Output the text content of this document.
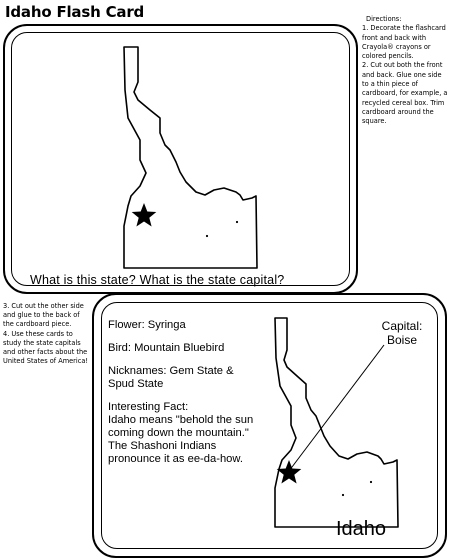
Idaho Flash Card	Directions:
1. Decorate the flashcard front and back with Crayola® crayons or colored pencils.
2. Cut out both the front and back. Glue one side to a thin piece of cardboard, for example, a recycled cereal box. Trim cardboard around the square.
3. Cut out the other side and glue to the back of the cardboard piece.
4. Use these cards to study the state capitals and other facts about the United States of America!
What is this state? What is the state capital?
Flower: Syringa
Bird: Mountain Bluebird
Nicknames: Gem State & Spud State
Interesting Fact:
Idaho means "behold the sun coming down the mountain." The Shashoni Indians pronounce it as ee-da-how.
Capital:
Boise
Idaho
